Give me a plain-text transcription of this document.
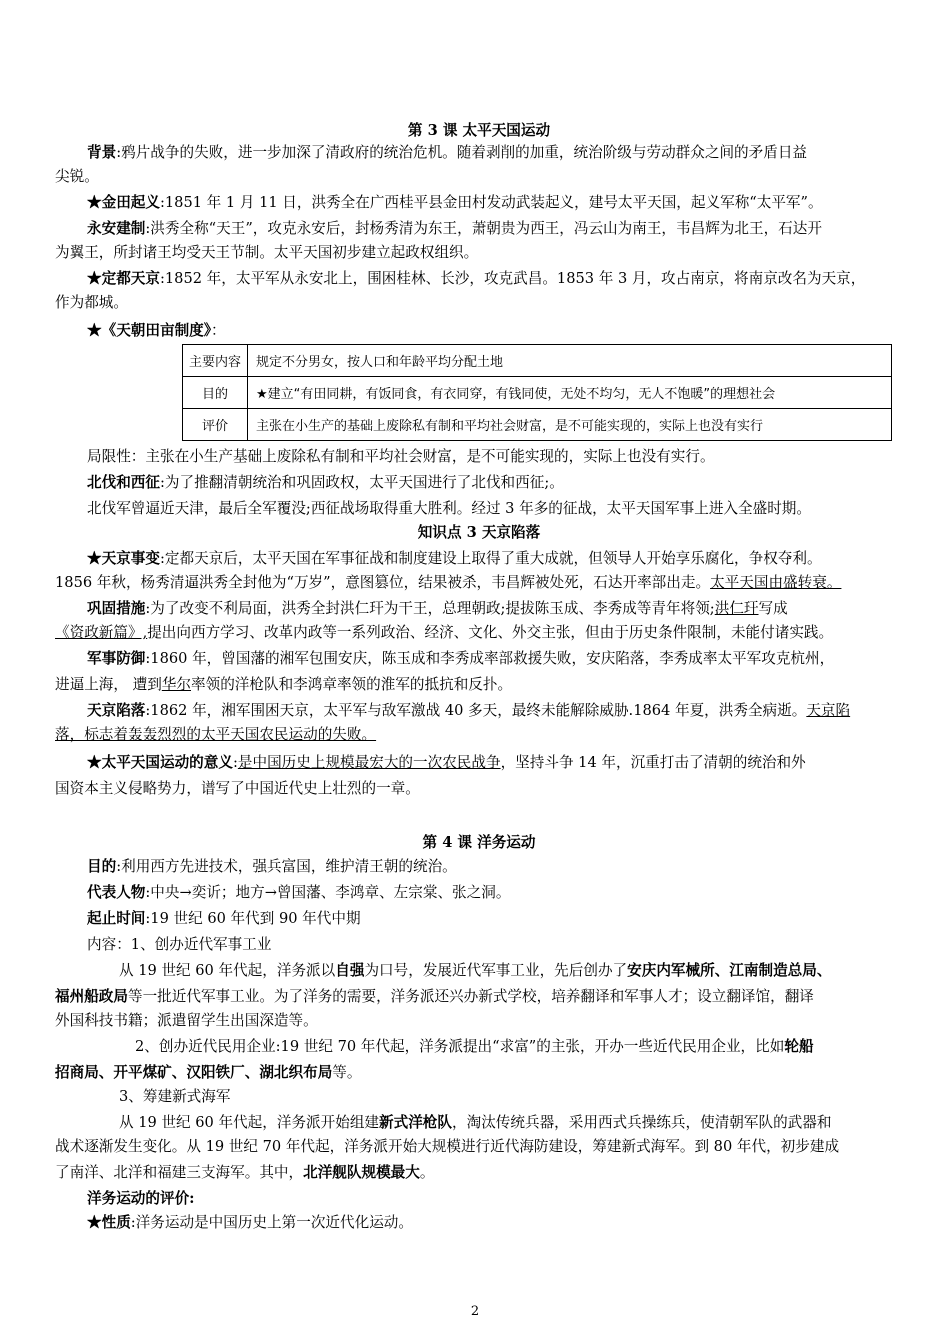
第 3 课 太平天国运动
背景:鸦片战争的失败，进一步加深了清政府的统治危机。随着剥削的加重，统治阶级与劳动群众之间的矛盾日益
尖锐。
★金田起义:1851 年 1 月 11 日，洪秀全在广西桂平县金田村发动武装起义，建号太平天国，起义军称“太平军”。
永安建制:洪秀全称“天王”，攻克永安后，封杨秀清为东王，萧朝贵为西王，冯云山为南王，韦昌辉为北王，石达开
为翼王，所封诸王均受天王节制。太平天国初步建立起政权组织。
★定都天京:1852 年，太平军从永安北上，围困桂林、长沙，攻克武昌。1853 年 3 月，攻占南京，将南京改名为天京，
作为都城。
★《天朝田亩制度》：
主要内容	规定不分男女，按人口和年龄平均分配土地
目的	★建立“有田同耕，有饭同食，有衣同穿，有钱同使，无处不均匀，无人不饱暖”的理想社会
评价	主张在小生产的基础上废除私有制和平均社会财富，是不可能实现的，实际上也没有实行
局限性：主张在小生产基础上废除私有制和平均社会财富，是不可能实现的，实际上也没有实行。
北伐和西征:为了推翻清朝统治和巩固政权，太平天国进行了北伐和西征;。
北伐军曾逼近天津，最后全军覆没;西征战场取得重大胜利。经过 3 年多的征战，太平天国军事上进入全盛时期。
知识点 3 天京陷落
★天京事变:定都天京后，太平天国在军事征战和制度建设上取得了重大成就，但领导人开始享乐腐化，争权夺利。
1856 年秋，杨秀清逼洪秀全封他为“万岁”，意图篡位，结果被杀，韦昌辉被处死，石达开率部出走。太平天国由盛转衰。
巩固措施:为了改变不利局面，洪秀全封洪仁玕为干王，总理朝政;提拔陈玉成、李秀成等青年将领;洪仁玕写成
《资政新篇》,提出向西方学习、改革内政等一系列政治、经济、文化、外交主张，但由于历史条件限制，未能付诸实践。
军事防御:1860 年，曾国藩的湘军包围安庆，陈玉成和李秀成率部救援失败，安庆陷落，李秀成率太平军攻克杭州，
进逼上海， 遭到华尔率领的洋枪队和李鸿章率领的淮军的抵抗和反扑。
天京陷落:1862 年，湘军围困天京，太平军与敌军激战 40 多天，最终未能解除威胁.1864 年夏，洪秀全病逝。天京陷
落，标志着轰轰烈烈的太平天国农民运动的失败。
★太平天国运动的意义:是中国历史上规模最宏大的一次农民战争，坚持斗争 14 年，沉重打击了清朝的统治和外
国资本主义侵略势力，谱写了中国近代史上壮烈的一章。
第 4 课 洋务运动
目的:利用西方先进技术，强兵富国，维护清王朝的统治。
代表人物:中央→奕䜣；地方→曾国藩、李鸿章、左宗棠、张之洞。
起止时间:19 世纪 60 年代到 90 年代中期
内容：1、创办近代军事工业
从 19 世纪 60 年代起，洋务派以自强为口号，发展近代军事工业，先后创办了安庆内军械所、江南制造总局、
福州船政局等一批近代军事工业。为了洋务的需要，洋务派还兴办新式学校，培养翻译和军事人才；设立翻译馆，翻译
外国科技书籍；派遣留学生出国深造等。
2、创办近代民用企业:19 世纪 70 年代起，洋务派提出“求富”的主张，开办一些近代民用企业，比如轮船
招商局、开平煤矿、汉阳铁厂、湖北织布局等。
3、筹建新式海军
从 19 世纪 60 年代起，洋务派开始组建新式洋枪队，淘汰传统兵器，采用西式兵操练兵，使清朝军队的武器和
战术逐渐发生变化。从 19 世纪 70 年代起，洋务派开始大规模进行近代海防建设，筹建新式海军。到 80 年代，初步建成
了南洋、北洋和福建三支海军。其中，北洋舰队规模最大。
洋务运动的评价:
★性质:洋务运动是中国历史上第一次近代化运动。
2
